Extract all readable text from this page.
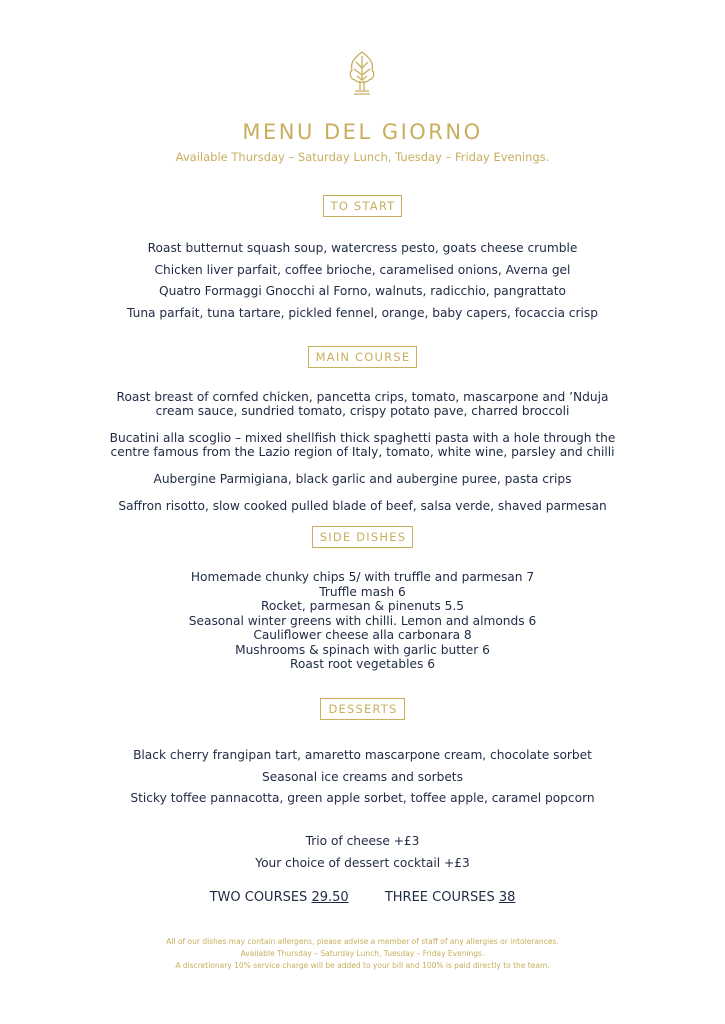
MENU DEL GIORNO
Available Thursday – Saturday Lunch, Tuesday – Friday Evenings.
TO START

Roast butternut squash soup, watercress pesto, goats cheese crumble

Chicken liver parfait, coffee brioche, caramelised onions, Averna gel

Quatro Formaggi Gnocchi al Forno, walnuts, radicchio, pangrattato

Tuna parfait, tuna tartare, pickled fennel, orange, baby capers, focaccia crisp

MAIN COURSE

Roast breast of cornfed chicken, pancetta crips, tomato, mascarpone and ’Nduja cream sauce, sundried tomato, crispy potato pave, charred broccoli

Bucatini alla scoglio – mixed shellfish thick spaghetti pasta with a hole through the centre famous from the Lazio region of Italy, tomato, white wine, parsley and chilli

Aubergine Parmigiana, black garlic and aubergine puree, pasta crips

Saffron risotto, slow cooked pulled blade of beef, salsa verde, shaved parmesan

SIDE DISHES

Homemade chunky chips 5/ with truffle and parmesan 7

Truffle mash 6

Rocket, parmesan & pinenuts 5.5

Seasonal winter greens with chilli. Lemon and almonds 6

Cauliflower cheese alla carbonara 8

Mushrooms & spinach with garlic butter 6

Roast root vegetables 6

DESSERTS

Black cherry frangipan tart, amaretto mascarpone cream, chocolate sorbet

Seasonal ice creams and sorbets

Sticky toffee pannacotta, green apple sorbet, toffee apple, caramel popcorn

Trio of cheese +£3

Your choice of dessert cocktail +£3

TWO COURSES 29.50	THREE COURSES 38
All of our dishes may contain allergens, please advise a member of staff of any allergies or intolerances.
Available Thursday – Saturday Lunch, Tuesday – Friday Evenings.
A discretionary 10% service charge will be added to your bill and 100% is paid directly to the team.
